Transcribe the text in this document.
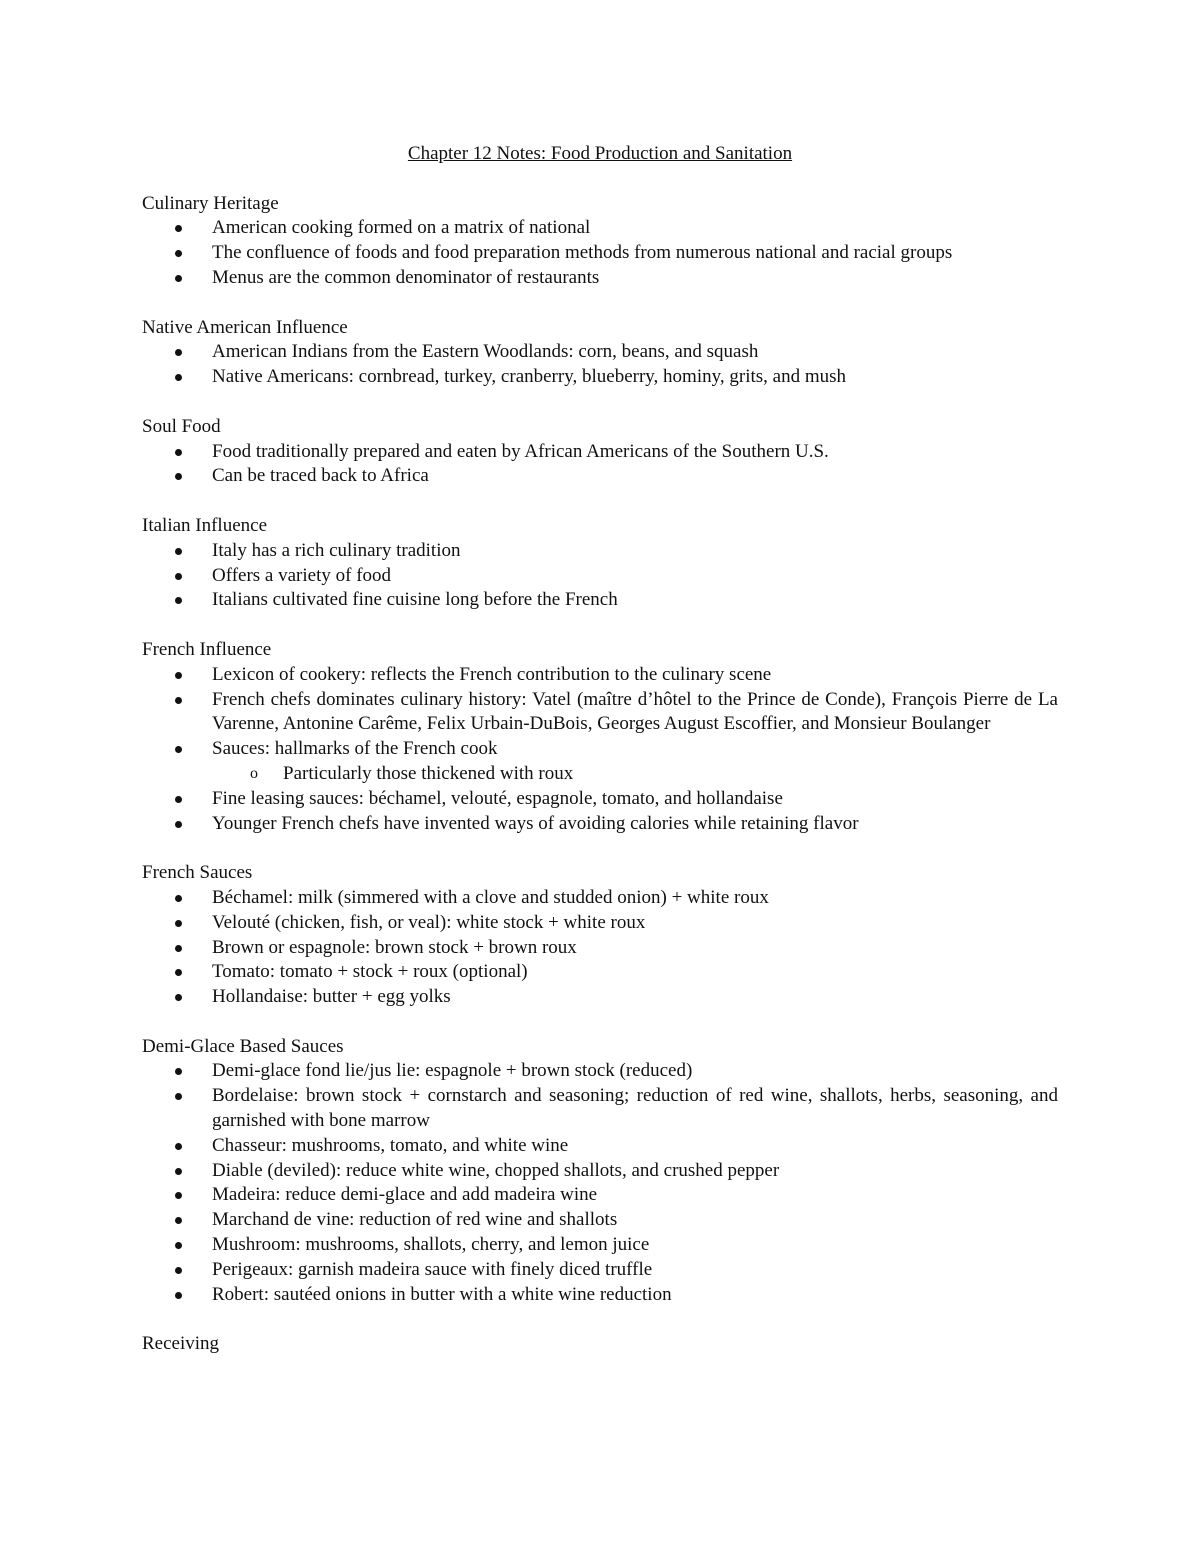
Chapter 12 Notes: Food Production and Sanitation

Culinary Heritage

American cooking formed on a matrix of national
The confluence of foods and food preparation methods from numerous national and racial groups
Menus are the common denominator of restaurants

Native American Influence

American Indians from the Eastern Woodlands: corn, beans, and squash
Native Americans: cornbread, turkey, cranberry, blueberry, hominy, grits, and mush

Soul Food

Food traditionally prepared and eaten by African Americans of the Southern U.S.
Can be traced back to Africa

Italian Influence

Italy has a rich culinary tradition
Offers a variety of food
Italians cultivated fine cuisine long before the French

French Influence

Lexicon of cookery: reflects the French contribution to the culinary scene
French chefs dominates culinary history: Vatel (maître d’hôtel to the Prince de Conde), François Pierre de La Varenne, Antonine Carême, Felix Urbain-DuBois, Georges August Escoffier, and Monsieur Boulanger
Sauces: hallmarks of the French cook
o Particularly those thickened with roux
Fine leasing sauces: béchamel, velouté, espagnole, tomato, and hollandaise
Younger French chefs have invented ways of avoiding calories while retaining flavor

French Sauces

Béchamel: milk (simmered with a clove and studded onion) + white roux
Velouté (chicken, fish, or veal): white stock + white roux
Brown or espagnole: brown stock + brown roux
Tomato: tomato + stock + roux (optional)
Hollandaise: butter + egg yolks

Demi-Glace Based Sauces

Demi-glace fond lie/jus lie: espagnole + brown stock (reduced)
Bordelaise: brown stock + cornstarch and seasoning; reduction of red wine, shallots, herbs, seasoning, and garnished with bone marrow
Chasseur: mushrooms, tomato, and white wine
Diable (deviled): reduce white wine, chopped shallots, and crushed pepper
Madeira: reduce demi-glace and add madeira wine
Marchand de vine: reduction of red wine and shallots
Mushroom: mushrooms, shallots, cherry, and lemon juice
Perigeaux: garnish madeira sauce with finely diced truffle
Robert: sautéed onions in butter with a white wine reduction

Receiving
